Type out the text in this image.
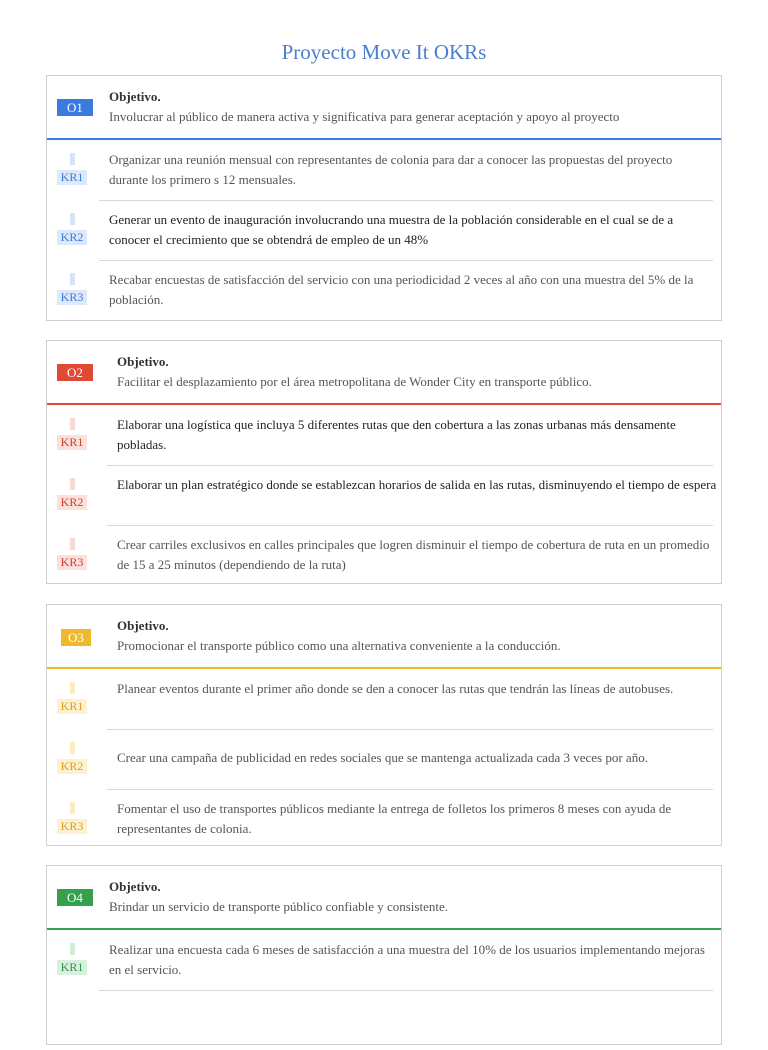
Proyecto Move It OKRs
O1
Objetivo.
Involucrar al público de manera activa y significativa para generar aceptación y apoyo al proyecto
KR1
Organizar una reunión mensual con representantes de colonia para dar a conocer las propuestas del proyecto durante los primero s 12 mensuales.
KR2
Generar un evento de inauguración involucrando una muestra de la población considerable en el cual se de a conocer el crecimiento que se obtendrá de empleo de un 48%
KR3
Recabar encuestas de satisfacción del servicio con una periodicidad 2 veces al año con una muestra del 5% de la población.
O2
Objetivo.
Facilitar el desplazamiento por el área metropolitana de Wonder City en transporte público.
KR1
Elaborar una logística que incluya 5 diferentes rutas que den cobertura a las zonas urbanas más densamente pobladas.
KR2
Elaborar un plan estratégico donde se establezcan horarios de salida en las rutas, disminuyendo el tiempo de espera
KR3
Crear carriles exclusivos en calles principales que logren disminuir el tiempo de cobertura de ruta en un promedio de 15 a 25 minutos (dependiendo de la ruta)
O3
Objetivo.
Promocionar el transporte público como una alternativa conveniente a la conducción.
KR1
Planear eventos durante el primer año donde se den a conocer las rutas que tendrán las líneas de autobuses.
KR2
Crear una campaña de publicidad en redes sociales que se mantenga actualizada cada 3 veces por año.
KR3
Fomentar el uso de transportes públicos mediante la entrega de folletos los primeros 8 meses con ayuda de representantes de colonia.
O4
Objetivo.
Brindar un servicio de transporte público confiable y consistente.
KR1
Realizar una encuesta cada 6 meses de satisfacción a una muestra del 10% de los usuarios implementando mejoras en el servicio.
